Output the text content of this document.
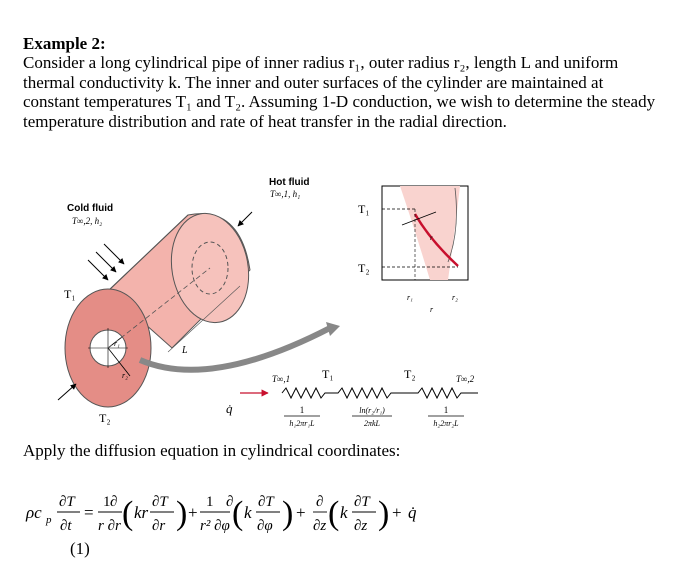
Example 2:
Consider a long cylindrical pipe of inner radius r₁, outer radius r₂, length L and uniform thermal conductivity k. The inner and outer surfaces of the cylinder are maintained at constant temperatures T₁ and T₂. Assuming 1-D conduction, we wish to determine the steady temperature distribution and rate of heat transfer in the radial direction.
Hot fluid
T∞,1, h₁
Cold fluid
T∞,2, h₂
T₁
T₂
r₁
r₂
L
q̇
T₁
T₂
r₁	r₂
r
r
T∞,1	T₁	T₂	T∞,2
1
h₁2πr₁L
ln(r₂/r₁)
2πkL
1
h₂2πr₂L
ρc p
∂T
∂t
=
1
r ∂r
∂ ( kr
∂T
∂r ) +
1
r² ∂φ
∂
( k
∂T
∂φ ) +
∂
∂z ( k
∂T
∂z ) + q̇
Apply the diffusion equation in cylindrical coordinates:
(1)
